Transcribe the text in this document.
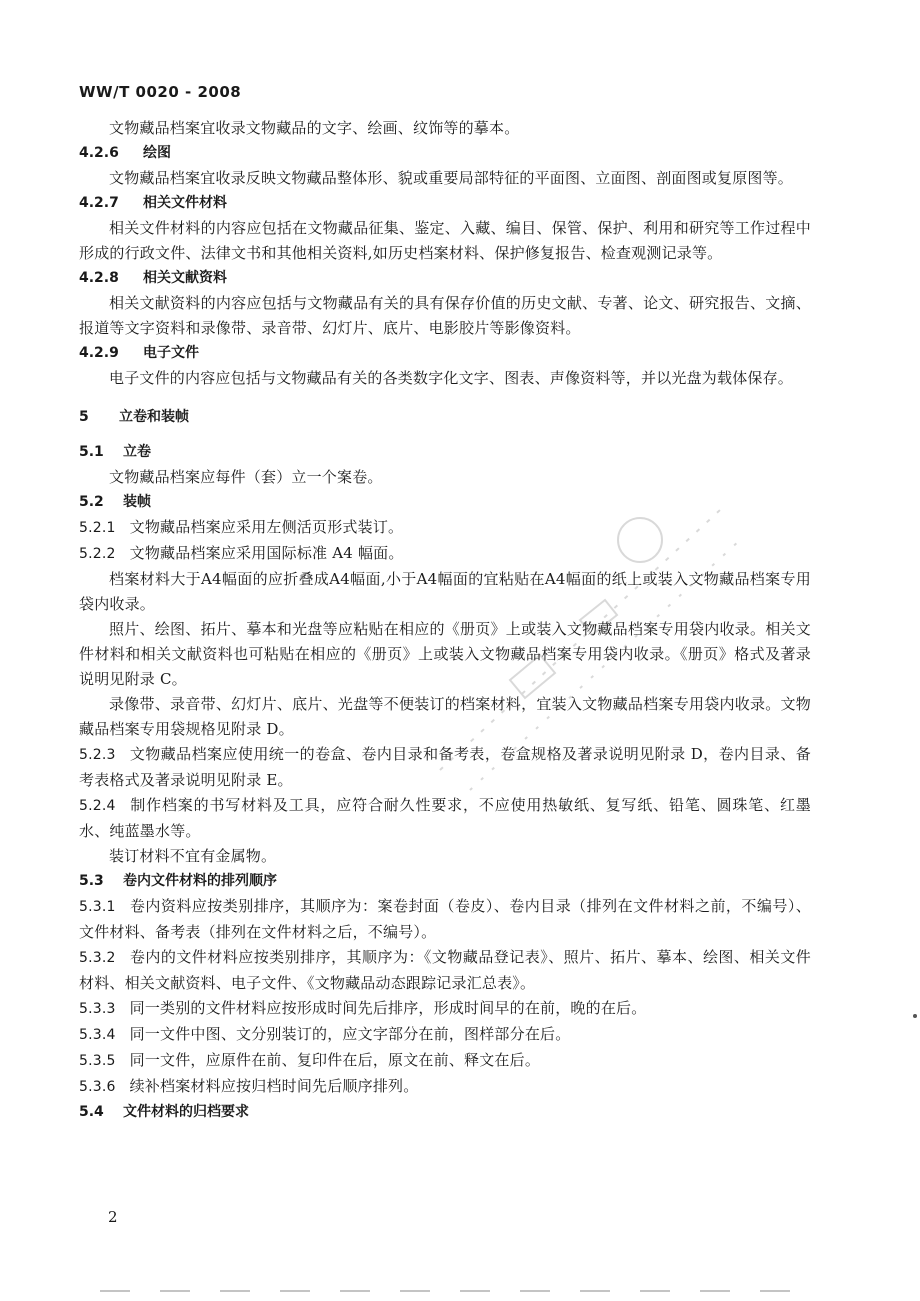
WW/T 0020 - 2008

文物藏品档案宜收录文物藏品的文字、绘画、纹饰等的摹本。

4.2.6	绘图

文物藏品档案宜收录反映文物藏品整体形、貌或重要局部特征的平面图、立面图、剖面图或复原图等。

4.2.7	相关文件材料

相关文件材料的内容应包括在文物藏品征集、鉴定、入藏、编目、保管、保护、利用和研究等工作过程中形成的行政文件、法律文书和其他相关资料,如历史档案材料、保护修复报告、检查观测记录等。

4.2.8	相关文献资料

相关文献资料的内容应包括与文物藏品有关的具有保存价值的历史文献、专著、论文、研究报告、文摘、报道等文字资料和录像带、录音带、幻灯片、底片、电影胶片等影像资料。

4.2.9	电子文件

电子文件的内容应包括与文物藏品有关的各类数字化文字、图表、声像资料等，并以光盘为载体保存。

5	立卷和装帧
5.1	立卷

文物藏品档案应每件（套）立一个案卷。

5.2	装帧

5.2.1 文物藏品档案应采用左侧活页形式装订。

5.2.2 文物藏品档案应采用国际标准 A4 幅面。

档案材料大于A4幅面的应折叠成A4幅面,小于A4幅面的宜粘贴在A4幅面的纸上或装入文物藏品档案专用袋内收录。

照片、绘图、拓片、摹本和光盘等应粘贴在相应的《册页》上或装入文物藏品档案专用袋内收录。相关文件材料和相关文献资料也可粘贴在相应的《册页》上或装入文物藏品档案专用袋内收录。《册页》格式及著录说明见附录 C。

录像带、录音带、幻灯片、底片、光盘等不便装订的档案材料，宜装入文物藏品档案专用袋内收录。文物藏品档案专用袋规格见附录 D。

5.2.3 文物藏品档案应使用统一的卷盒、卷内目录和备考表，卷盒规格及著录说明见附录 D，卷内目录、备考表格式及著录说明见附录 E。

5.2.4 制作档案的书写材料及工具，应符合耐久性要求，不应使用热敏纸、复写纸、铅笔、圆珠笔、红墨水、纯蓝墨水等。

装订材料不宜有金属物。

5.3	卷内文件材料的排列顺序

5.3.1 卷内资料应按类别排序，其顺序为：案卷封面（卷皮）、卷内目录（排列在文件材料之前，不编号）、文件材料、备考表（排列在文件材料之后，不编号）。

5.3.2 卷内的文件材料应按类别排序，其顺序为：《文物藏品登记表》、照片、拓片、摹本、绘图、相关文件材料、相关文献资料、电子文件、《文物藏品动态跟踪记录汇总表》。

5.3.3 同一类别的文件材料应按形成时间先后排序，形成时间早的在前，晚的在后。

5.3.4 同一文件中图、文分别装订的，应文字部分在前，图样部分在后。

5.3.5 同一文件，应原件在前、复印件在后，原文在前、释文在后。

5.3.6 续补档案材料应按归档时间先后顺序排列。

5.4	文件材料的归档要求
2
